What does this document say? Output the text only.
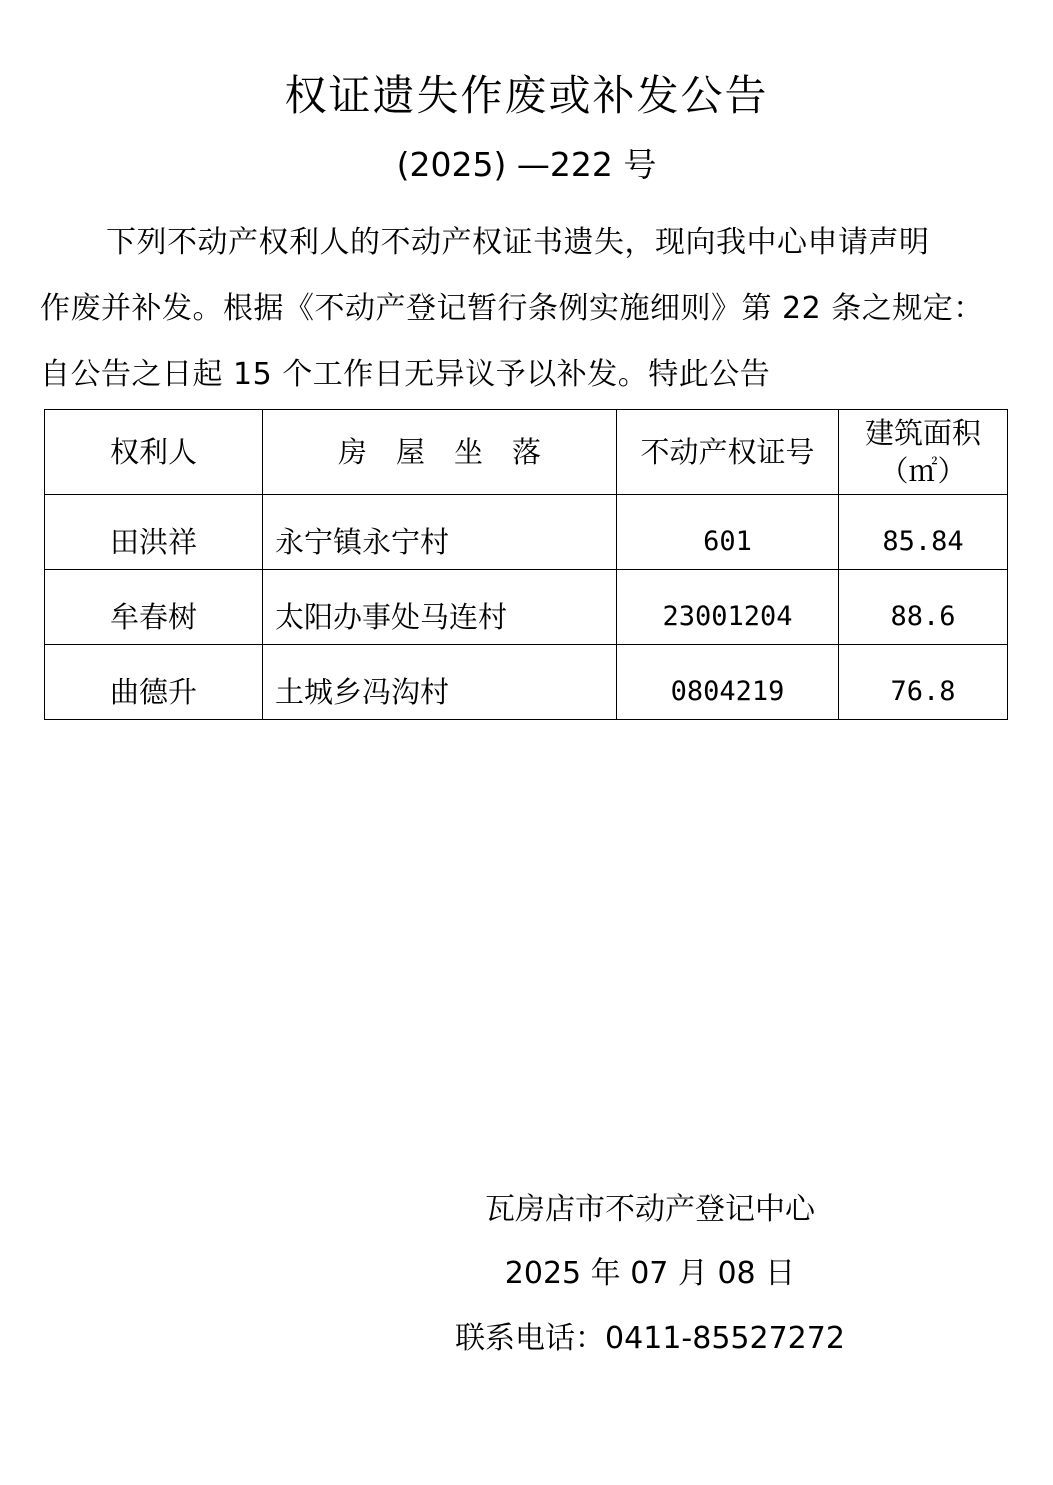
权证遗失作废或补发公告
(2025) —222 号

下列不动产权利人的不动产权证书遗失，现向我中心申请声明
作废并补发。根据《不动产登记暂行条例实施细则》第 22 条之规定：
自公告之日起 15 个工作日无异议予以补发。特此公告

权利人	房　屋　坐　落	不动产权证号	建筑面积
（㎡）

田洪祥	永宁镇永宁村	601	85.84
牟春树	太阳办事处马连村	23001204	88.6
曲德升	土城乡冯沟村	0804219	76.8
瓦房店市不动产登记中心
2025 年 07 月 08 日
联系电话：0411-85527272
